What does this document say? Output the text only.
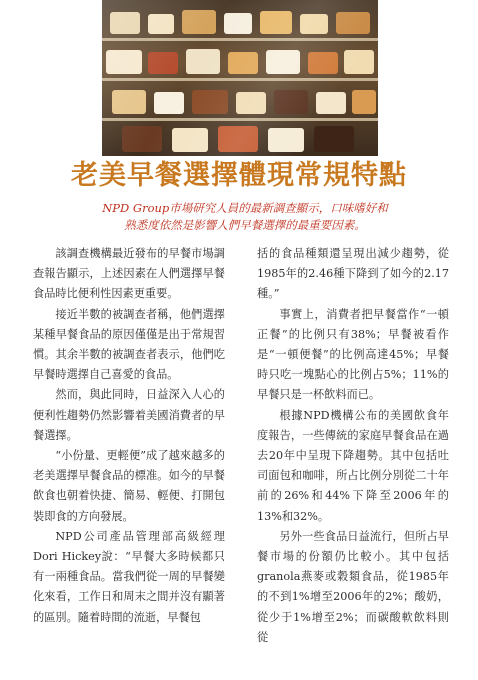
老美早餐選擇體現常規特點
NPD Group市場研究人員的最新調查顯示，口味嗜好和
熟悉度依然是影響人們早餐選擇的最重要因素。

該調查機構最近發布的早餐市場調查報告顯示，上述因素在人們選擇早餐食品時比便利性因素更重要。

接近半數的被調查者稱，他們選擇某種早餐食品的原因僅僅是出于常規習慣。其余半數的被調查者表示，他們吃早餐時選擇自己喜愛的食品。

然而，與此同時，日益深入人心的便利性趨勢仍然影響着美國消費者的早餐選擇。

“小份量、更輕便”成了越來越多的老美選擇早餐食品的標准。如今的早餐飲食也朝着快捷、簡易、輕便、打開包裝即食的方向發展。

NPD公司產品管理部高級經理Dori Hickey說：“早餐大多時候都只有一兩種食品。當我們從一周的早餐變化來看，工作日和周末之間并沒有顯著的區別。隨着時間的流逝，早餐包

括的食品種類還呈現出減少趨勢，從1985年的2.46種下降到了如今的2.17種。”

事實上，消費者把早餐當作“一頓正餐”的比例只有38%；早餐被看作是“一頓便餐”的比例高達45%；早餐時只吃一塊點心的比例占5%；11%的早餐只是一杯飲料而已。

根據NPD機構公布的美國飲食年度報告，一些傳統的家庭早餐食品在過去20年中呈現下降趨勢。其中包括吐司面包和咖啡，所占比例分別從二十年前的26%和44%下降至2006年的13%和32%。

另外一些食品日益流行，但所占早餐市場的份額仍比較小。其中包括granola燕麥或穀類食品，從1985年的不到1%增至2006年的2%；酸奶，從少于1%增至2%；而碳酸軟飲料則從
